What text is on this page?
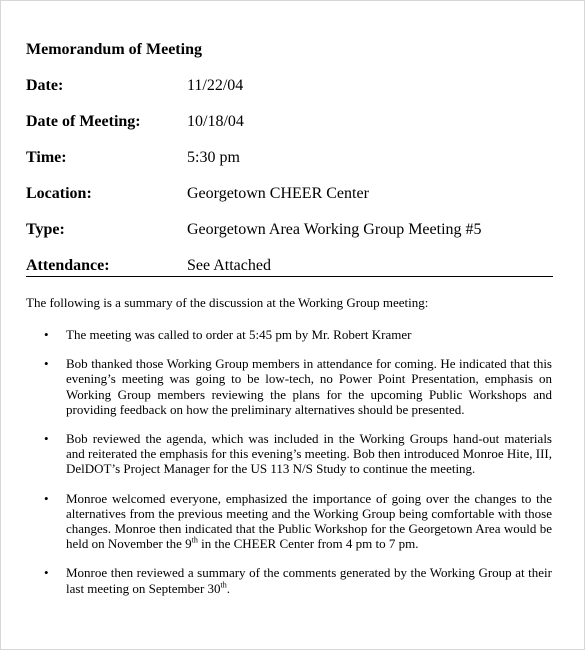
Memorandum of Meeting
Date:	11/22/04
Date of Meeting:	10/18/04
Time:	5:30 pm
Location:	Georgetown CHEER Center
Type:	Georgetown Area Working Group Meeting #5
Attendance:	See Attached
The following is a summary of the discussion at the Working Group meeting:
• The meeting was called to order at 5:45 pm by Mr. Robert Kramer
• Bob thanked those Working Group members in attendance for coming. He indicated that this evening’s meeting was going to be low-tech, no Power Point Presentation, emphasis on Working Group members reviewing the plans for the upcoming Public Workshops and providing feedback on how the preliminary alternatives should be presented.
• Bob reviewed the agenda, which was included in the Working Groups hand-out materials and reiterated the emphasis for this evening’s meeting. Bob then introduced Monroe Hite, III, DelDOT’s Project Manager for the US 113 N/S Study to continue the meeting.
• Monroe welcomed everyone, emphasized the importance of going over the changes to the alternatives from the previous meeting and the Working Group being comfortable with those changes. Monroe then indicated that the Public Workshop for the Georgetown Area would be held on November the 9th in the CHEER Center from 4 pm to 7 pm.
• Monroe then reviewed a summary of the comments generated by the Working Group at their last meeting on September 30th.
